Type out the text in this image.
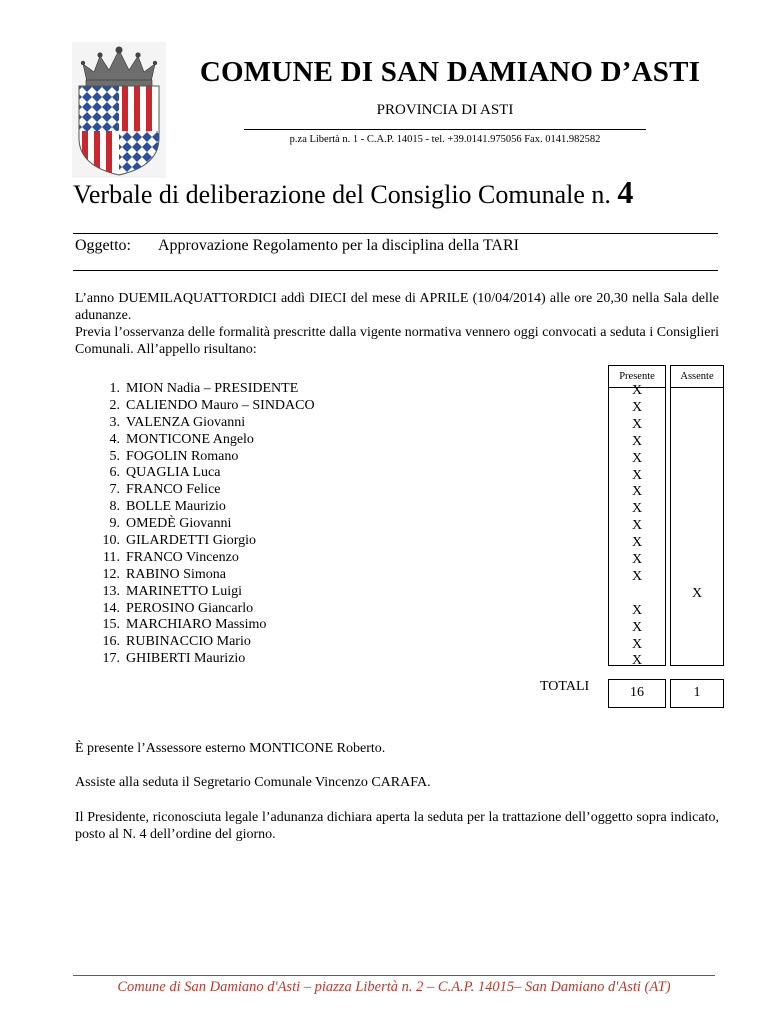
COMUNE DI SAN DAMIANO D’ASTI
PROVINCIA DI ASTI
p.za Libertà n. 1 - C.A.P. 14015 - tel. +39.0141.975056 Fax. 0141.982582
Verbale di deliberazione del Consiglio Comunale n. 4
Oggetto: Approvazione Regolamento per la disciplina della TARI
L’anno DUEMILAQUATTORDICI addì DIECI del mese di APRILE (10/04/2014) alle ore 20,30 nella Sala delle adunanze.
Previa l’osservanza delle formalità prescritte dalla vigente normativa vennero oggi convocati a seduta i Consiglieri Comunali. All’appello risultano:
1. MION Nadia – PRESIDENTE
2. CALIENDO Mauro – SINDACO
3. VALENZA Giovanni
4. MONTICONE Angelo
5. FOGOLIN Romano
6. QUAGLIA Luca
7. FRANCO Felice
8. BOLLE Maurizio
9. OMEDÈ Giovanni
10. GILARDETTI Giorgio
11. FRANCO Vincenzo
12. RABINO Simona
13. MARINETTO Luigi
14. PEROSINO Giancarlo
15. MARCHIARO Massimo
16. RUBINACCIO Mario
17. GHIBERTI Maurizio
Presente
X
X
X
X
X
X
X
X
X
X
X
X
X
X
X
X
Assente
X
16	1
TOTALI
È presente l’Assessore esterno MONTICONE Roberto.
Assiste alla seduta il Segretario Comunale Vincenzo CARAFA.
Il Presidente, riconosciuta legale l’adunanza dichiara aperta la seduta per la trattazione dell’oggetto sopra indicato, posto al N. 4 dell’ordine del giorno.
Comune di San Damiano d'Asti – piazza Libertà n. 2 – C.A.P. 14015– San Damiano d'Asti (AT)
